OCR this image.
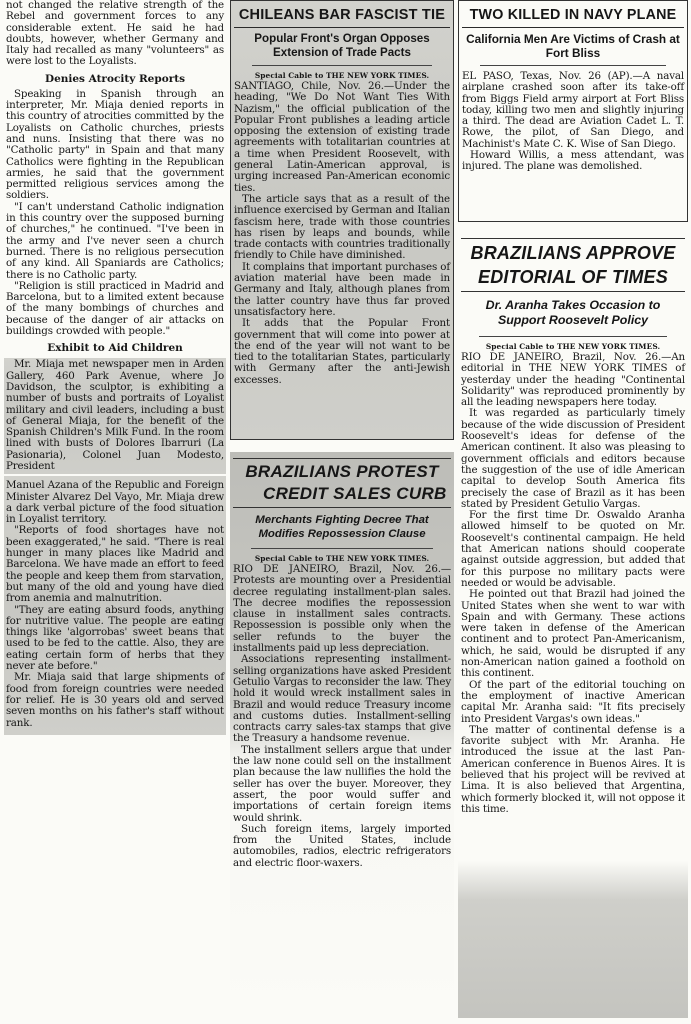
not changed the relative strength of the Rebel and government forces to any considerable extent. He said he had doubts, however, whether Germany and Italy had recalled as many "volunteers" as were lost to the Loyalists.

Denies Atrocity Reports

Speaking in Spanish through an interpreter, Mr. Miaja denied reports in this country of atrocities committed by the Loyalists on Catholic churches, priests and nuns. Insisting that there was no "Catholic party" in Spain and that many Catholics were fighting in the Republican armies, he said that the government permitted religious services among the soldiers.

"I can't understand Catholic indignation in this country over the supposed burning of churches," he continued. "I've been in the army and I've never seen a church burned. There is no religious persecution of any kind. All Spaniards are Catholics; there is no Catholic party.

"Religion is still practiced in Madrid and Barcelona, but to a limited extent because of the many bombings of churches and because of the danger of air attacks on buildings crowded with people."

Exhibit to Aid Children

Mr. Miaja met newspaper men in Arden Gallery, 460 Park Avenue, where Jo Davidson, the sculptor, is exhibiting a number of busts and portraits of Loyalist military and civil leaders, including a bust of General Miaja, for the benefit of the Spanish Children's Milk Fund. In the room lined with busts of Dolores Ibarruri (La Pasionaria), Colonel Juan Modesto, President

Manuel Azana of the Republic and Foreign Minister Alvarez Del Vayo, Mr. Miaja drew a dark verbal picture of the food situation in Loyalist territory.

"Reports of food shortages have not been exaggerated," he said. "There is real hunger in many places like Madrid and Barcelona. We have made an effort to feed the people and keep them from starvation, but many of the old and young have died from anemia and malnutrition.

"They are eating absurd foods, anything for nutritive value. The people are eating things like 'algorrobas' sweet beans that used to be fed to the cattle. Also, they are eating certain form of herbs that they never ate before."

Mr. Miaja said that large shipments of food from foreign countries were needed for relief. He is 30 years old and served seven months on his father's staff without rank.

CHILEANS BAR FASCIST TIE
Popular Front's Organ Opposes Extension of Trade Pacts
Special Cable to THE NEW YORK TIMES.

SANTIAGO, Chile, Nov. 26.—Under the heading, "We Do Not Want Ties With Nazism," the official publication of the Popular Front publishes a leading article opposing the extension of existing trade agreements with totalitarian countries at a time when President Roosevelt, with general Latin-American approval, is urging increased Pan-American economic ties.

The article says that as a result of the influence exercised by German and Italian fascism here, trade with those countries has risen by leaps and bounds, while trade contacts with countries traditionally friendly to Chile have diminished.

It complains that important purchases of aviation material have been made in Germany and Italy, although planes from the latter country have thus far proved unsatisfactory here.

It adds that the Popular Front government that will come into power at the end of the year will not want to be tied to the totalitarian States, particularly with Germany after the anti-Jewish excesses.

BRAZILIANS PROTEST
CREDIT SALES CURB
Merchants Fighting Decree That Modifies Repossession Clause
Special Cable to THE NEW YORK TIMES.

RIO DE JANEIRO, Brazil, Nov. 26.—Protests are mounting over a Presidential decree regulating installment-plan sales. The decree modifies the repossession clause in installment sales contracts. Repossession is possible only when the seller refunds to the buyer the installments paid up less depreciation.

Associations representing installment-selling organizations have asked President Getulio Vargas to reconsider the law. They hold it would wreck installment sales in Brazil and would reduce Treasury income and customs duties. Installment-selling contracts carry sales-tax stamps that give the Treasury a handsome revenue.

The installment sellers argue that under the law none could sell on the installment plan because the law nullifies the hold the seller has over the buyer. Moreover, they assert, the poor would suffer and importations of certain foreign items would shrink.

Such foreign items, largely imported from the United States, include automobiles, radios, electric refrigerators and electric floor-waxers.

TWO KILLED IN NAVY PLANE
California Men Are Victims of Crash at Fort Bliss

EL PASO, Texas, Nov. 26 (AP).—A naval airplane crashed soon after its take-off from Biggs Field army airport at Fort Bliss today, killing two men and slightly injuring a third. The dead are Aviation Cadet L. T. Rowe, the pilot, of San Diego, and Machinist's Mate C. K. Wise of San Diego.

Howard Willis, a mess attendant, was injured. The plane was demolished.

BRAZILIANS APPROVE
EDITORIAL OF TIMES
Dr. Aranha Takes Occasion to Support Roosevelt Policy
Special Cable to THE NEW YORK TIMES.

RIO DE JANEIRO, Brazil, Nov. 26.—An editorial in THE NEW YORK TIMES of yesterday under the heading "Continental Solidarity" was reproduced prominently by all the leading newspapers here today.

It was regarded as particularly timely because of the wide discussion of President Roosevelt's ideas for defense of the American continent. It also was pleasing to government officials and editors because the suggestion of the use of idle American capital to develop South America fits precisely the case of Brazil as it has been stated by President Getulio Vargas.

For the first time Dr. Oswaldo Aranha allowed himself to be quoted on Mr. Roosevelt's continental campaign. He held that American nations should cooperate against outside aggression, but added that for this purpose no military pacts were needed or would be advisable.

He pointed out that Brazil had joined the United States when she went to war with Spain and with Germany. These actions were taken in defense of the American continent and to protect Pan-Americanism, which, he said, would be disrupted if any non-American nation gained a foothold on this continent.

Of the part of the editorial touching on the employment of inactive American capital Mr. Aranha said: "It fits precisely into President Vargas's own ideas."

The matter of continental defense is a favorite subject with Mr. Aranha. He introduced the issue at the last Pan-American conference in Buenos Aires. It is believed that his project will be revived at Lima. It is also believed that Argentina, which formerly blocked it, will not oppose it this time.
